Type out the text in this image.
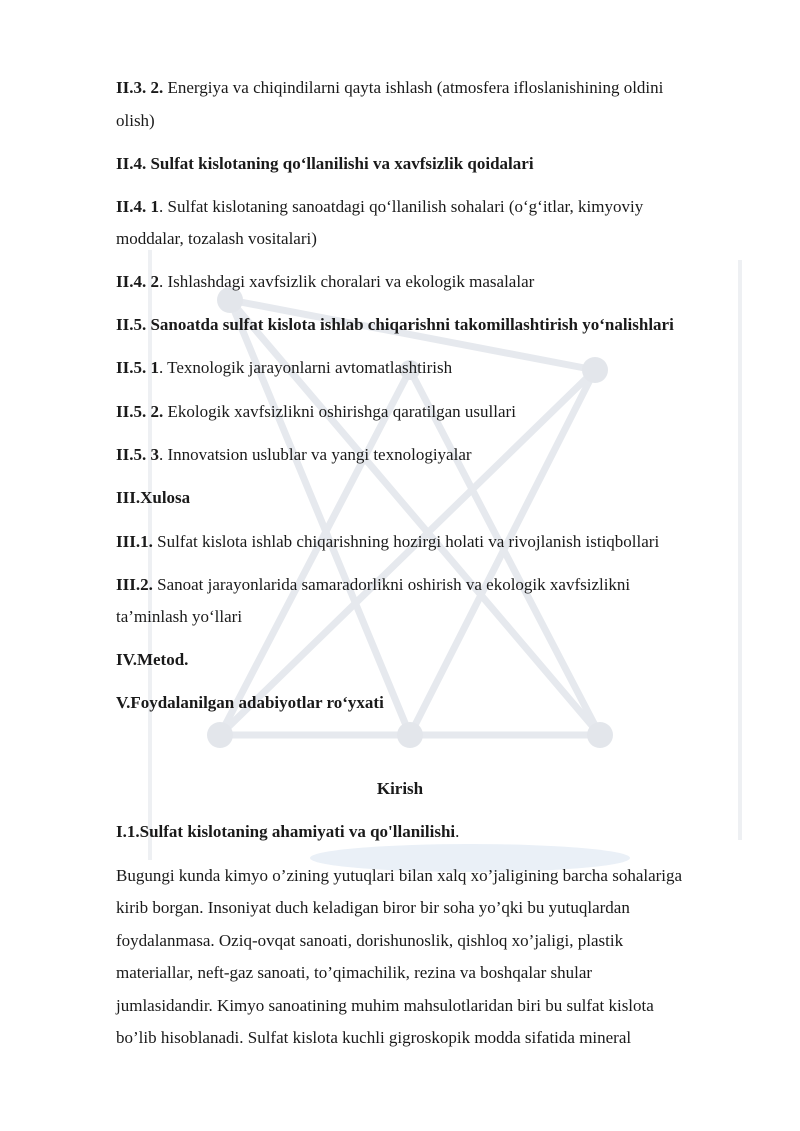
II.3. 2. Energiya va chiqindilarni qayta ishlash (atmosfera ifloslanishining oldini
olish)
II.4. Sulfat kislotaning qo‘llanilishi va xavfsizlik qoidalari
II.4. 1. Sulfat kislotaning sanoatdagi qo‘llanilish sohalari (o‘g‘itlar, kimyoviy
moddalar, tozalash vositalari)
II.4. 2. Ishlashdagi xavfsizlik choralari va ekologik masalalar
II.5. Sanoatda sulfat kislota ishlab chiqarishni takomillashtirish yo‘nalishlari
II.5. 1. Texnologik jarayonlarni avtomatlashtirish
II.5. 2. Ekologik xavfsizlikni oshirishga qaratilgan usullari
II.5. 3. Innovatsion uslublar va yangi texnologiyalar
III.Xulosa
III.1. Sulfat kislota ishlab chiqarishning hozirgi holati va rivojlanish istiqbollari
III.2. Sanoat jarayonlarida samaradorlikni oshirish va ekologik xavfsizlikni
ta’minlash yo‘llari
IV.Metod.
V.Foydalanilgan adabiyotlar ro‘yxati
Kirish
I.1.Sulfat kislotaning ahamiyati va qo'llanilishi.
Bugungi kunda kimyo o’zining yutuqlari bilan xalq xo’jaligining barcha sohalariga
kirib borgan. Insoniyat duch keladigan biror bir soha yo’qki bu yutuqlardan
foydalanmasa. Oziq-ovqat sanoati, dorishunoslik, qishloq xo’jaligi, plastik
materiallar, neft-gaz sanoati, to’qimachilik, rezina va boshqalar shular
jumlasidandir. Kimyo sanoatining muhim mahsulotlaridan biri bu sulfat kislota
bo’lib hisoblanadi. Sulfat kislota kuchli gigroskopik modda sifatida mineral
